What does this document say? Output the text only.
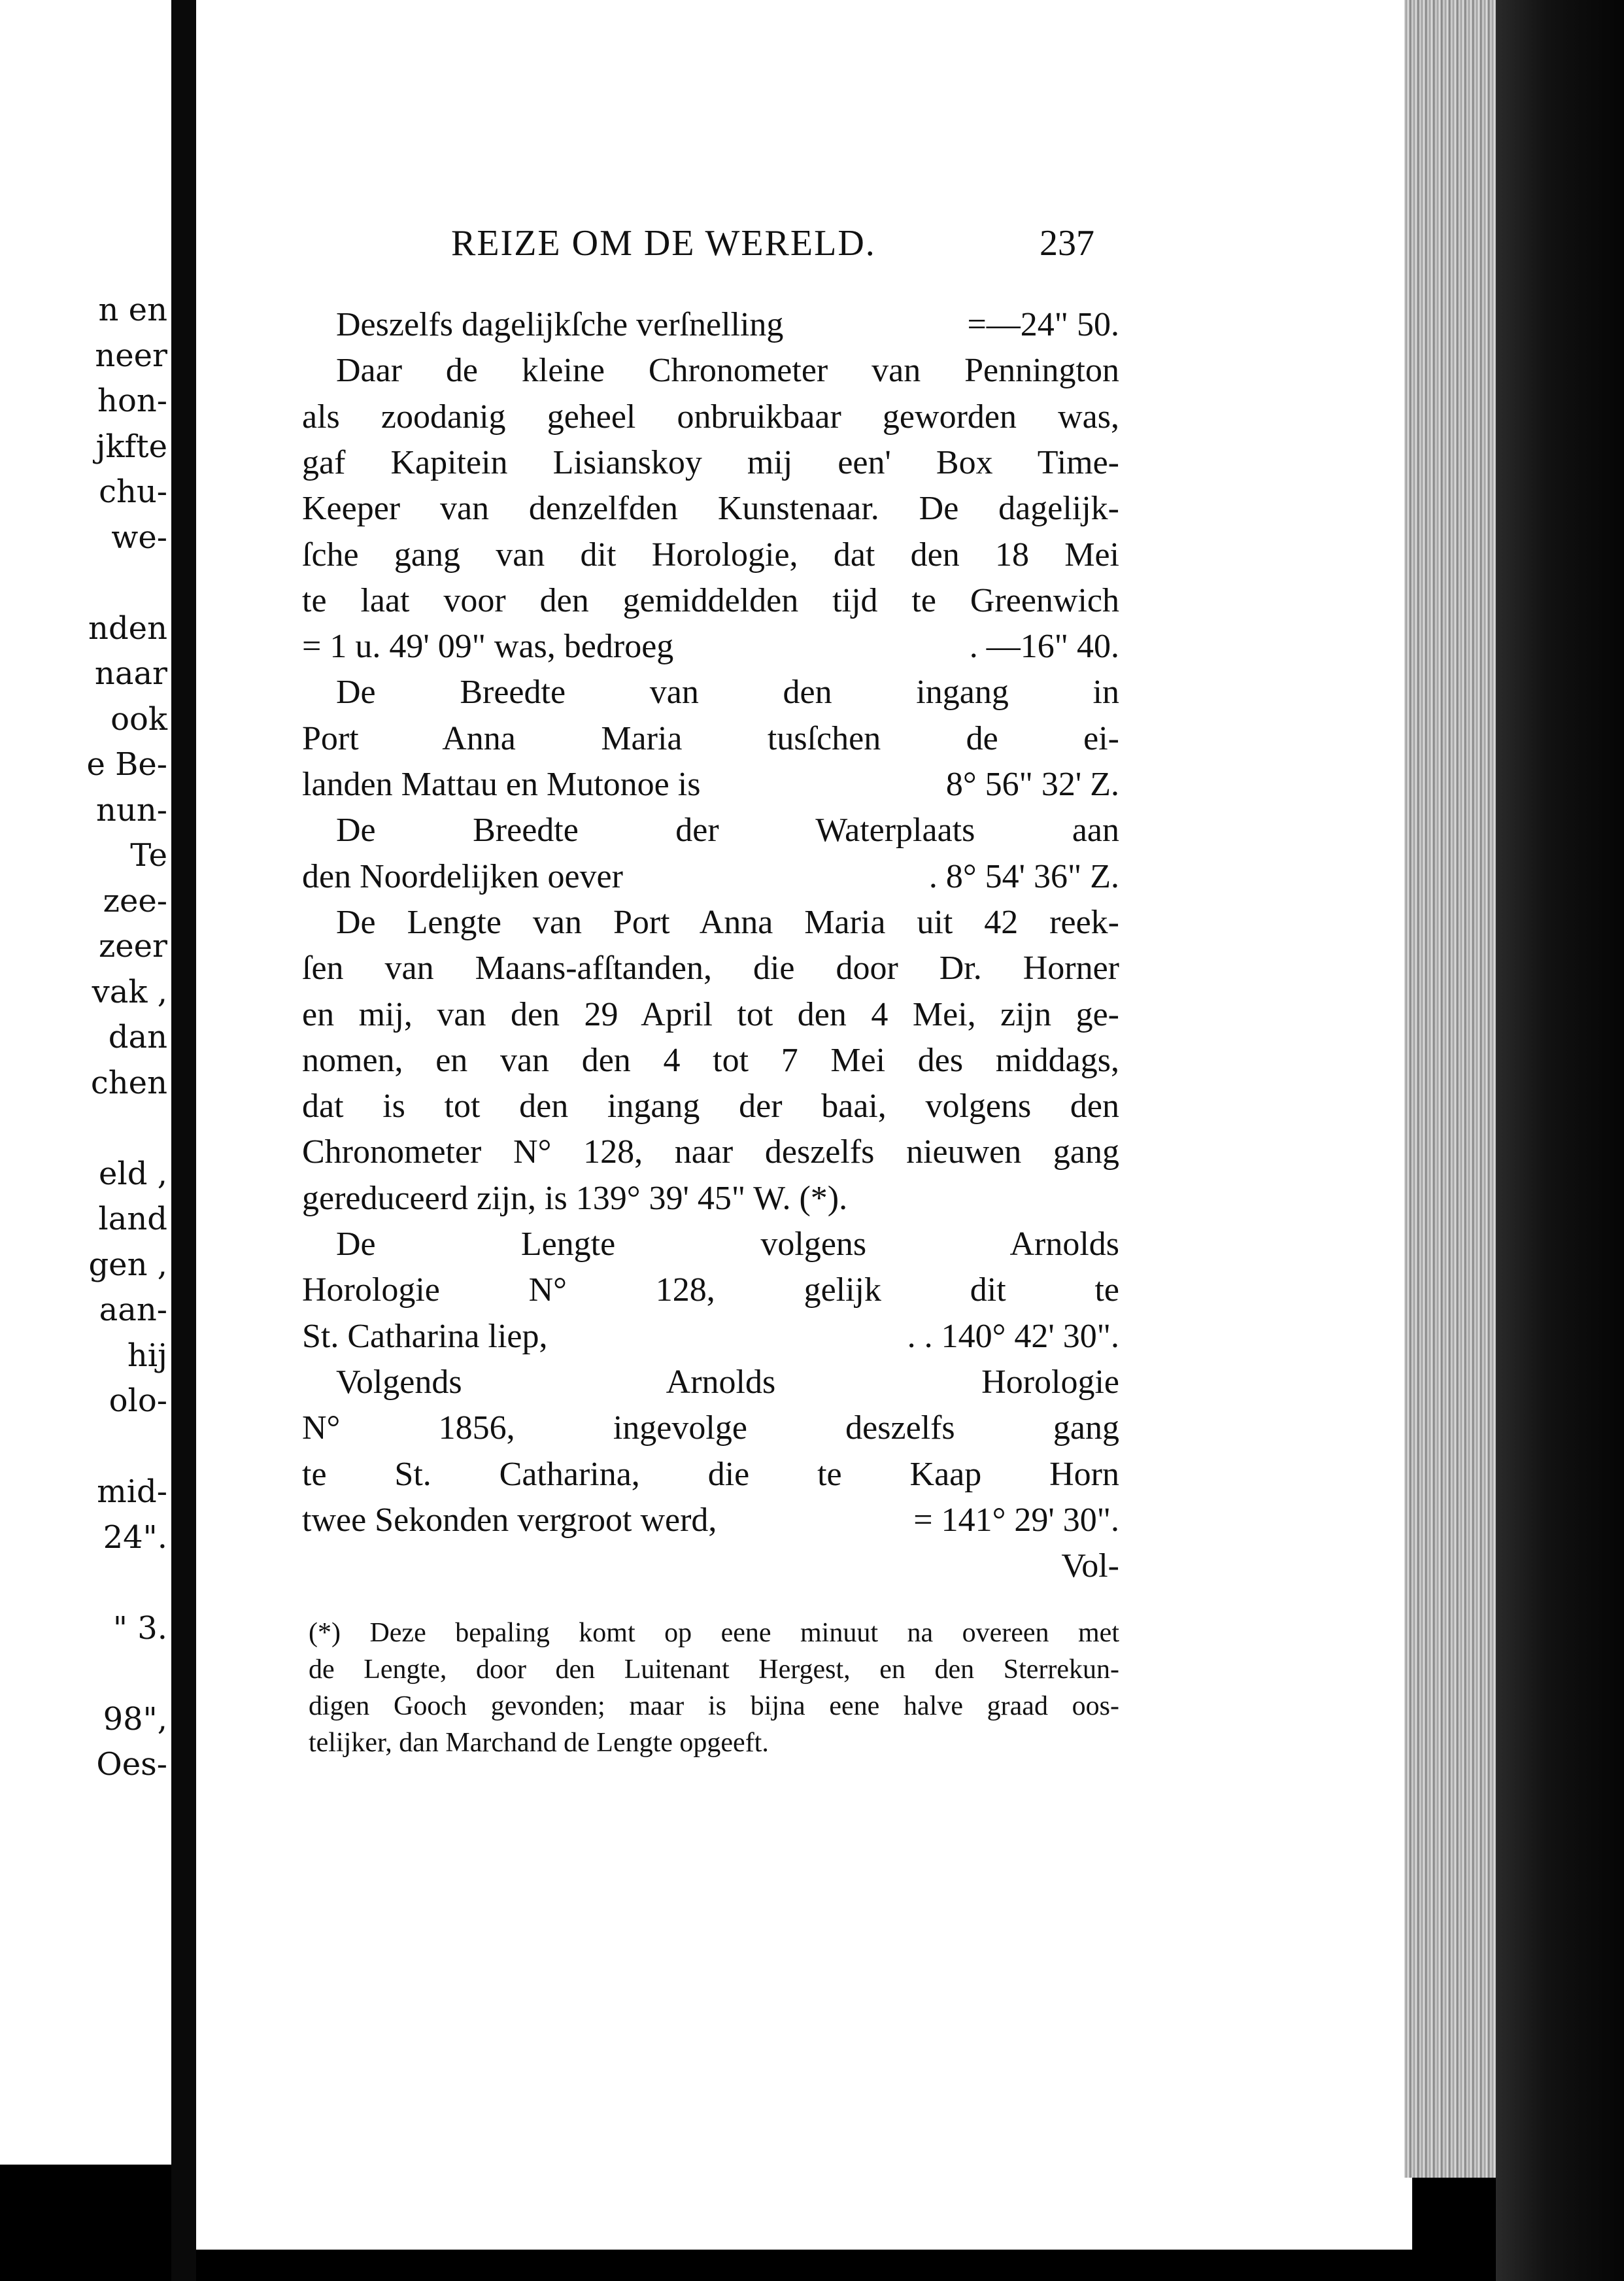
n en
neer
hon-
jkfte
chu-
we-
nden
naar
ook
e Be-
nun-
Te
zee-
zeer
vak ,
dan
chen
eld ,
land
gen ,
aan-
hij
olo-
mid-
24".
" 3.
98",
Oes-
REIZE OM DE WERELD.	237
Deszelfs dagelijkſche verſnelling	=—24" 50.
Daar de kleine Chronometer van Pennington
als zoodanig geheel onbruikbaar geworden was,
gaf Kapitein Lisianskoy mij een' Box Time-
Keeper van denzelfden Kunstenaar. De dagelijk-
ſche gang van dit Horologie, dat den 18 Mei
te laat voor den gemiddelden tijd te Greenwich
= 1 u. 49' 09" was, bedroeg	. —16" 40.
De Breedte van den ingang in
Port Anna Maria tusſchen de ei-
landen Mattau en Mutonoe is	8° 56" 32' Z.
De Breedte der Waterplaats aan
den Noordelijken oever	. 8° 54' 36" Z.
De Lengte van Port Anna Maria uit 42 reek-
ſen van Maans-afſtanden, die door Dr. Horner
en mij, van den 29 April tot den 4 Mei, zijn ge-
nomen, en van den 4 tot 7 Mei des middags,
dat is tot den ingang der baai, volgens den
Chronometer N° 128, naar deszelfs nieuwen gang
gereduceerd zijn, is 139° 39' 45" W. (*).
De Lengte volgens Arnolds
Horologie N° 128, gelijk dit te
St. Catharina liep,	. . 140° 42' 30".
Volgends Arnolds Horologie
N° 1856, ingevolge deszelfs gang
te St. Catharina, die te Kaap Horn
twee Sekonden vergroot werd,	= 141° 29' 30".
Vol-
(*) Deze bepaling komt op eene minuut na overeen met
de Lengte, door den Luitenant Hergest, en den Sterrekun-
digen Gooch gevonden; maar is bijna eene halve graad oos-
telijker, dan Marchand de Lengte opgeeft.
